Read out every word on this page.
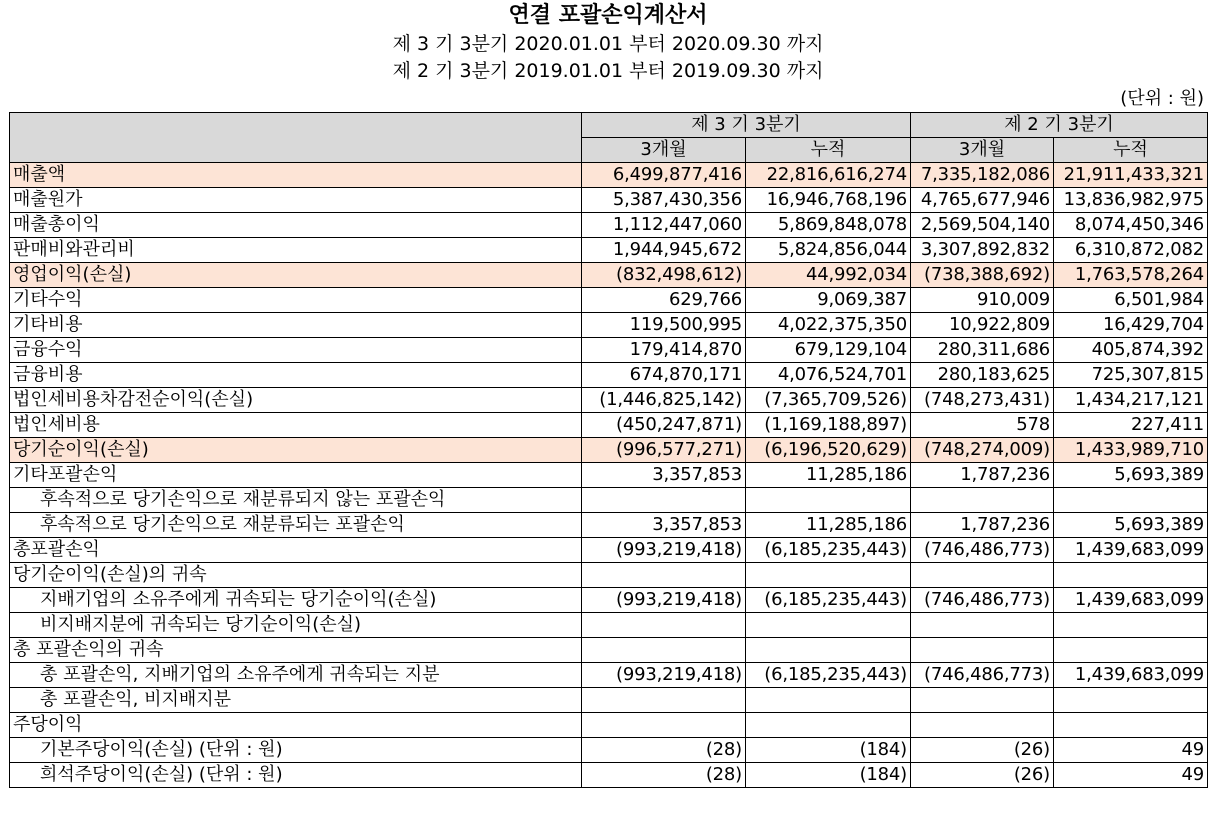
연결 포괄손익계산서
제 3 기 3분기 2020.01.01 부터 2020.09.30 까지
제 2 기 3분기 2019.01.01 부터 2019.09.30 까지
(단위 : 원)
	제 3 기 3분기		제 2 기 3분기	
	3개월	누적	3개월	누적
매출액	6,499,877,416	22,816,616,274	7,335,182,086	21,911,433,321
매출원가	5,387,430,356	16,946,768,196	4,765,677,946	13,836,982,975
매출총이익	1,112,447,060	5,869,848,078	2,569,504,140	8,074,450,346
판매비와관리비	1,944,945,672	5,824,856,044	3,307,892,832	6,310,872,082
영업이익(손실)	(832,498,612)	44,992,034	(738,388,692)	1,763,578,264
기타수익	629,766	9,069,387	910,009	6,501,984
기타비용	119,500,995	4,022,375,350	10,922,809	16,429,704
금융수익	179,414,870	679,129,104	280,311,686	405,874,392
금융비용	674,870,171	4,076,524,701	280,183,625	725,307,815
법인세비용차감전순이익(손실)	(1,446,825,142)	(7,365,709,526)	(748,273,431)	1,434,217,121
법인세비용	(450,247,871)	(1,169,188,897)	578	227,411
당기순이익(손실)	(996,577,271)	(6,196,520,629)	(748,274,009)	1,433,989,710
기타포괄손익	3,357,853	11,285,186	1,787,236	5,693,389
후속적으로 당기손익으로 재분류되지 않는 포괄손익				
후속적으로 당기손익으로 재분류되는 포괄손익	3,357,853	11,285,186	1,787,236	5,693,389
총포괄손익	(993,219,418)	(6,185,235,443)	(746,486,773)	1,439,683,099
당기순이익(손실)의 귀속				
지배기업의 소유주에게 귀속되는 당기순이익(손실)	(993,219,418)	(6,185,235,443)	(746,486,773)	1,439,683,099
비지배지분에 귀속되는 당기순이익(손실)				
총 포괄손익의 귀속				
총 포괄손익, 지배기업의 소유주에게 귀속되는 지분	(993,219,418)	(6,185,235,443)	(746,486,773)	1,439,683,099
총 포괄손익, 비지배지분				
주당이익				
기본주당이익(손실) (단위 : 원)	(28)	(184)	(26)	49
희석주당이익(손실) (단위 : 원)	(28)	(184)	(26)	49
